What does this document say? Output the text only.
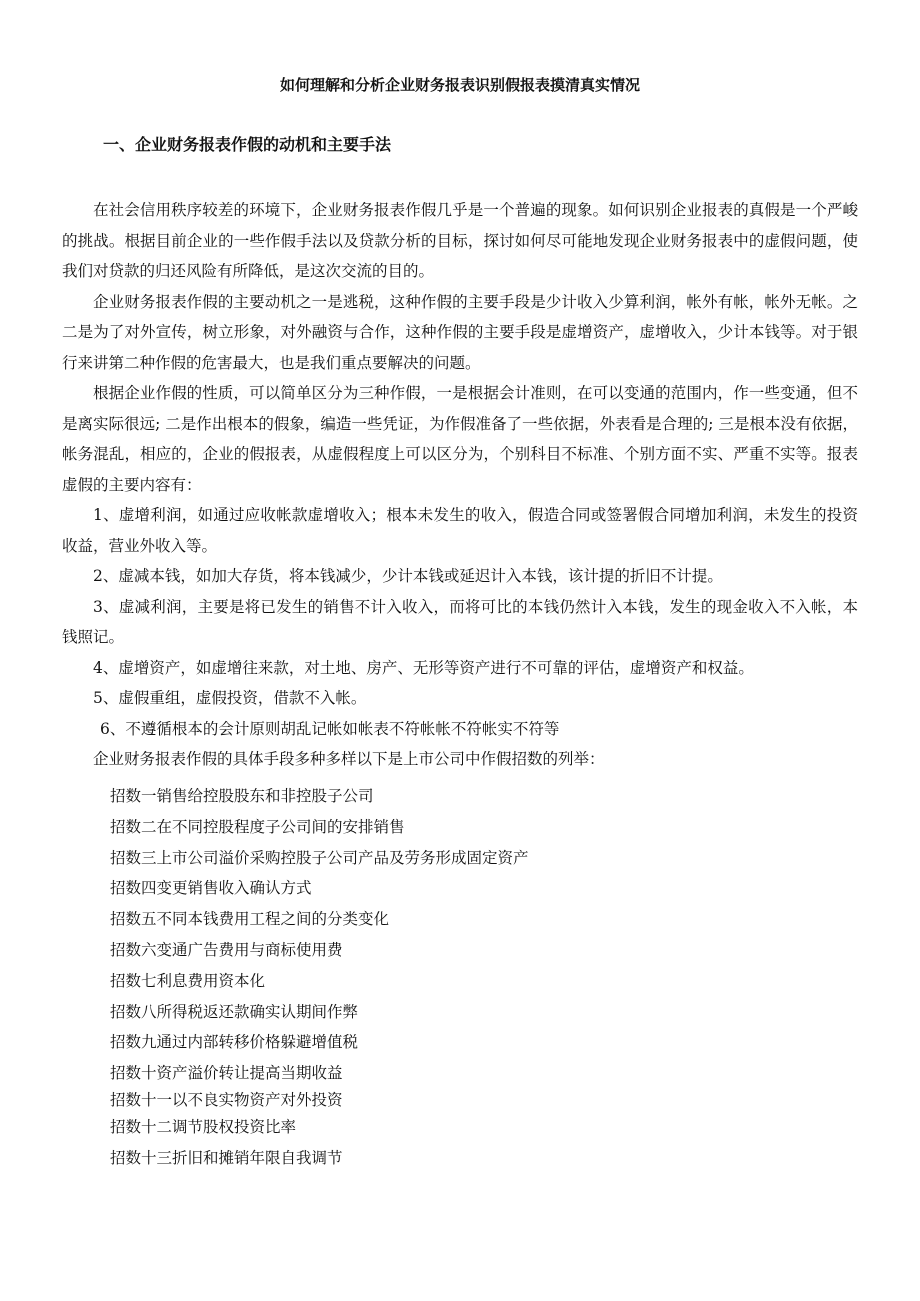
如何理解和分析企业财务报表识别假报表摸清真实情况
一、企业财务报表作假的动机和主要手法

在社会信用秩序较差的环境下，企业财务报表作假几乎是一个普遍的现象。如何识别企业报表的真假是一个严峻的挑战。根据目前企业的一些作假手法以及贷款分析的目标，探讨如何尽可能地发现企业财务报表中的虚假问题，使我们对贷款的归还风险有所降低，是这次交流的目的。

企业财务报表作假的主要动机之一是逃税，这种作假的主要手段是少计收入少算利润，帐外有帐，帐外无帐。之二是为了对外宣传，树立形象，对外融资与合作，这种作假的主要手段是虚增资产，虚增收入，少计本钱等。对于银行来讲第二种作假的危害最大，也是我们重点要解决的问题。

根据企业作假的性质，可以简单区分为三种作假，一是根据会计准则，在可以变通的范围内，作一些变通，但不是离实际很远; 二是作出根本的假象，编造一些凭证，为作假准备了一些依据，外表看是合理的; 三是根本没有依据，帐务混乱，相应的，企业的假报表，从虚假程度上可以区分为，个别科目不标准、个别方面不实、严重不实等。报表虚假的主要内容有：

1、虚增利润，如通过应收帐款虚增收入；根本未发生的收入，假造合同或签署假合同增加利润，未发生的投资收益，营业外收入等。

2、虚减本钱，如加大存货，将本钱减少，少计本钱或延迟计入本钱，该计提的折旧不计提。

3、虚减利润，主要是将已发生的销售不计入收入，而将可比的本钱仍然计入本钱，发生的现金收入不入帐，本钱照记。

4、虚增资产，如虚增往来款，对土地、房产、无形等资产进行不可靠的评估，虚增资产和权益。

5、虚假重组，虚假投资，借款不入帐。

6、不遵循根本的会计原则胡乱记帐如帐表不符帐帐不符帐实不符等

企业财务报表作假的具体手段多种多样以下是上市公司中作假招数的列举：

招数一销售给控股股东和非控股子公司
招数二在不同控股程度子公司间的安排销售
招数三上市公司溢价采购控股子公司产品及劳务形成固定资产
招数四变更销售收入确认方式
招数五不同本钱费用工程之间的分类变化
招数六变通广告费用与商标使用费
招数七利息费用资本化
招数八所得税返还款确实认期间作弊
招数九通过内部转移价格躲避增值税
招数十资产溢价转让提高当期收益
招数十一以不良实物资产对外投资
招数十二调节股权投资比率
招数十三折旧和摊销年限自我调节
